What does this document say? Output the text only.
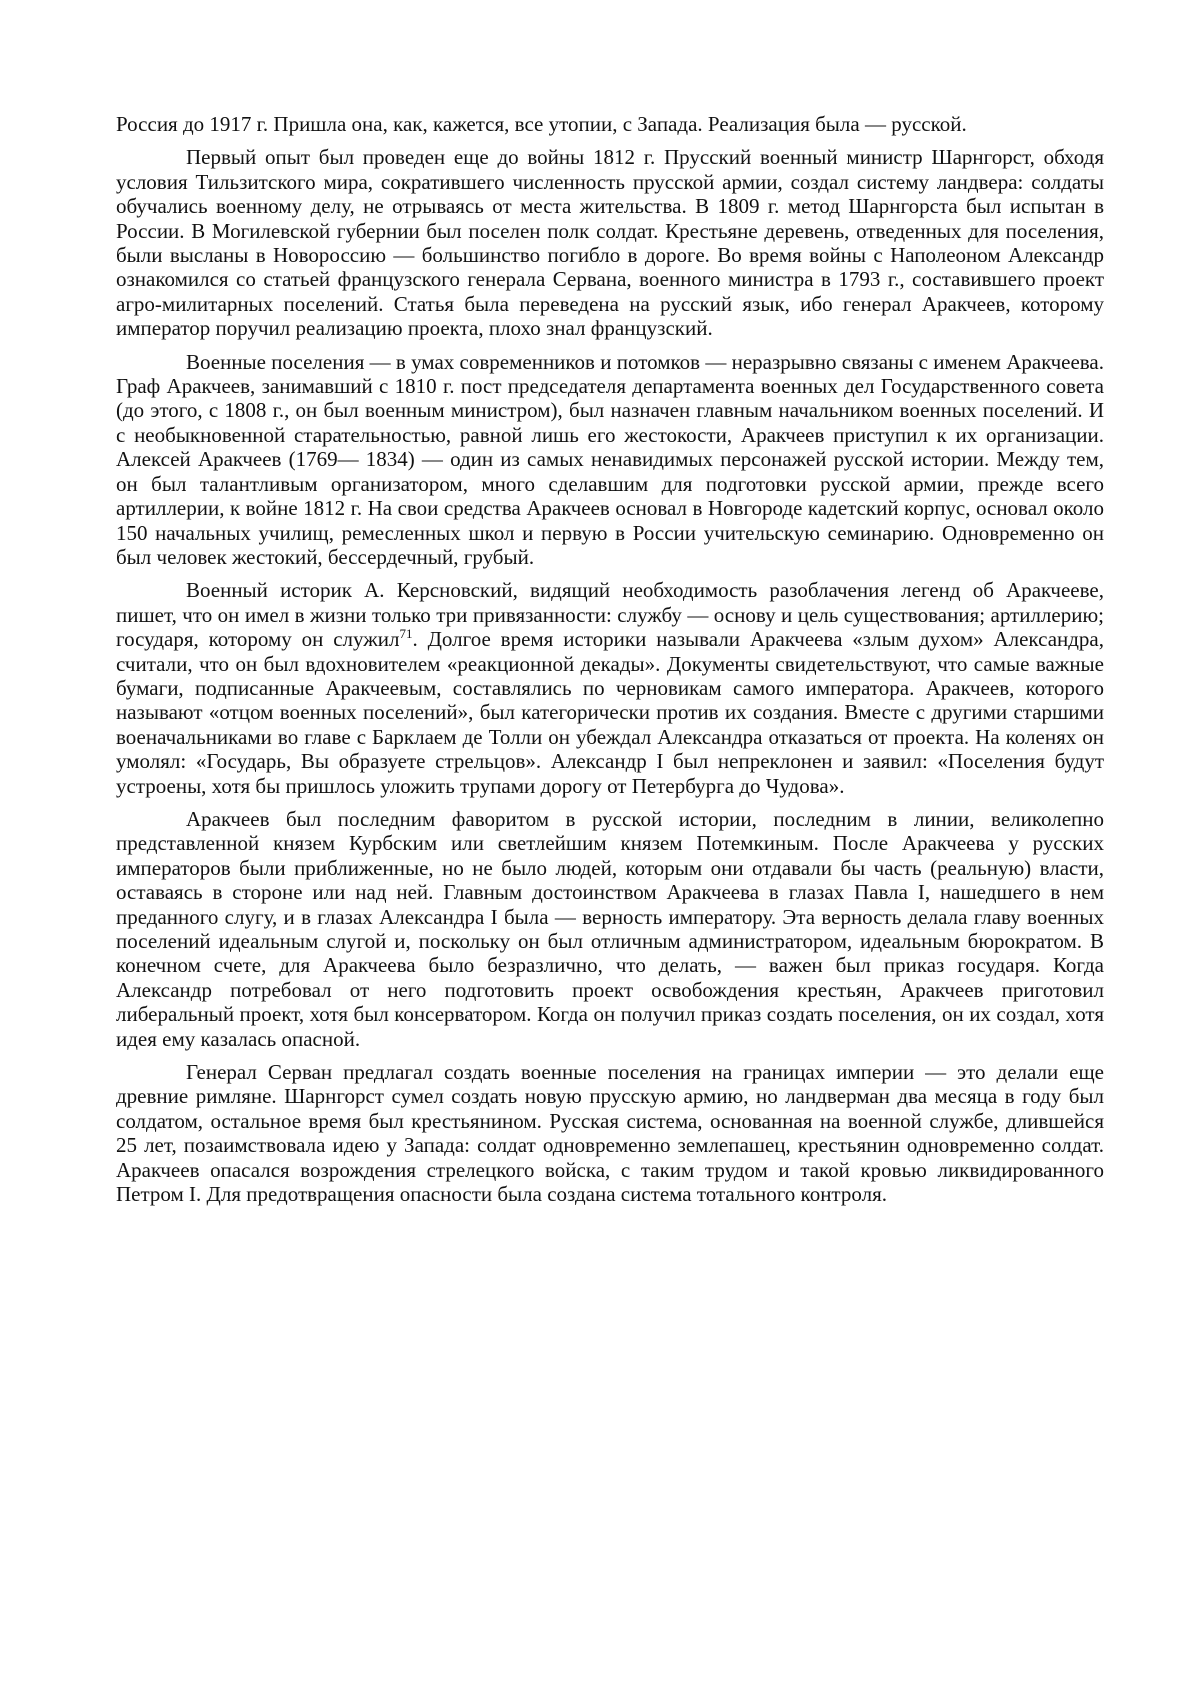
Россия до 1917 г. Пришла она, как, кажется, все утопии, с Запада. Реализация была — русской.

Первый опыт был проведен еще до войны 1812 г. Прусский военный министр Шарнгорст, обходя условия Тильзитского мира, сократившего численность прусской армии, создал систему ландвера: солдаты обучались военному делу, не отрываясь от места жительства. В 1809 г. метод Шарнгорста был испытан в России. В Могилевской губернии был поселен полк солдат. Крестьяне деревень, отведенных для поселения, были высланы в Новороссию — большинство погибло в дороге. Во время войны с Наполеоном Александр ознакомился со статьей французского генерала Сервана, военного министра в 1793 г., составившего проект агро-милитарных поселений. Статья была переведена на русский язык, ибо генерал Аракчеев, которому император поручил реализацию проекта, плохо знал французский.

Военные поселения — в умах современников и потомков — неразрывно связаны с именем Аракчеева. Граф Аракчеев, занимавший с 1810 г. пост председателя департамента военных дел Государственного совета (до этого, с 1808 г., он был военным министром), был назначен главным начальником военных поселений. И с необыкновенной старательностью, равной лишь его жестокости, Аракчеев приступил к их организации. Алексей Аракчеев (1769— 1834) — один из самых ненавидимых персонажей русской истории. Между тем, он был талантливым организатором, много сделавшим для подготовки русской армии, прежде всего артиллерии, к войне 1812 г. На свои средства Аракчеев основал в Новгороде кадетский корпус, основал около 150 начальных училищ, ремесленных школ и первую в России учительскую семинарию. Одновременно он был человек жестокий, бессердечный, грубый.

Военный историк А. Керсновский, видящий необходимость разоблачения легенд об Аракчееве, пишет, что он имел в жизни только три привязанности: службу — основу и цель существования; артиллерию; государя, которому он служил$^{71}$. Долгое время историки называли Аракчеева «злым духом» Александра, считали, что он был вдохновителем «реакционной декады». Документы свидетельствуют, что самые важные бумаги, подписанные Аракчеевым, составлялись по черновикам самого императора. Аракчеев, которого называют «отцом военных поселений», был категорически против их создания. Вместе с другими старшими военачальниками во главе с Барклаем де Толли он убеждал Александра отказаться от проекта. На коленях он умолял: «Государь, Вы образуете стрельцов». Александр I был непреклонен и заявил: «Поселения будут устроены, хотя бы пришлось уложить трупами дорогу от Петербурга до Чудова».

Аракчеев был последним фаворитом в русской истории, последним в линии, великолепно представленной князем Курбским или светлейшим князем Потемкиным. После Аракчеева у русских императоров были приближенные, но не было людей, которым они отдавали бы часть (реальную) власти, оставаясь в стороне или над ней. Главным достоинством Аракчеева в глазах Павла I, нашедшего в нем преданного слугу, и в глазах Александра I была — верность императору. Эта верность делала главу военных поселений идеальным слугой и, поскольку он был отличным администратором, идеальным бюрократом. В конечном счете, для Аракчеева было безразлично, что делать, — важен был приказ государя. Когда Александр потребовал от него подготовить проект освобождения крестьян, Аракчеев приготовил либеральный проект, хотя был консерватором. Когда он получил приказ создать поселения, он их создал, хотя идея ему казалась опасной.

Генерал Серван предлагал создать военные поселения на границах империи — это делали еще древние римляне. Шарнгорст сумел создать новую прусскую армию, но ландверман два месяца в году был солдатом, остальное время был крестьянином. Русская система, основанная на военной службе, длившейся 25 лет, позаимствовала идею у Запада: солдат одновременно землепашец, крестьянин одновременно солдат. Аракчеев опасался возрождения стрелецкого войска, с таким трудом и такой кровью ликвидированного Петром I. Для предотвращения опасности была создана система тотального контроля.
